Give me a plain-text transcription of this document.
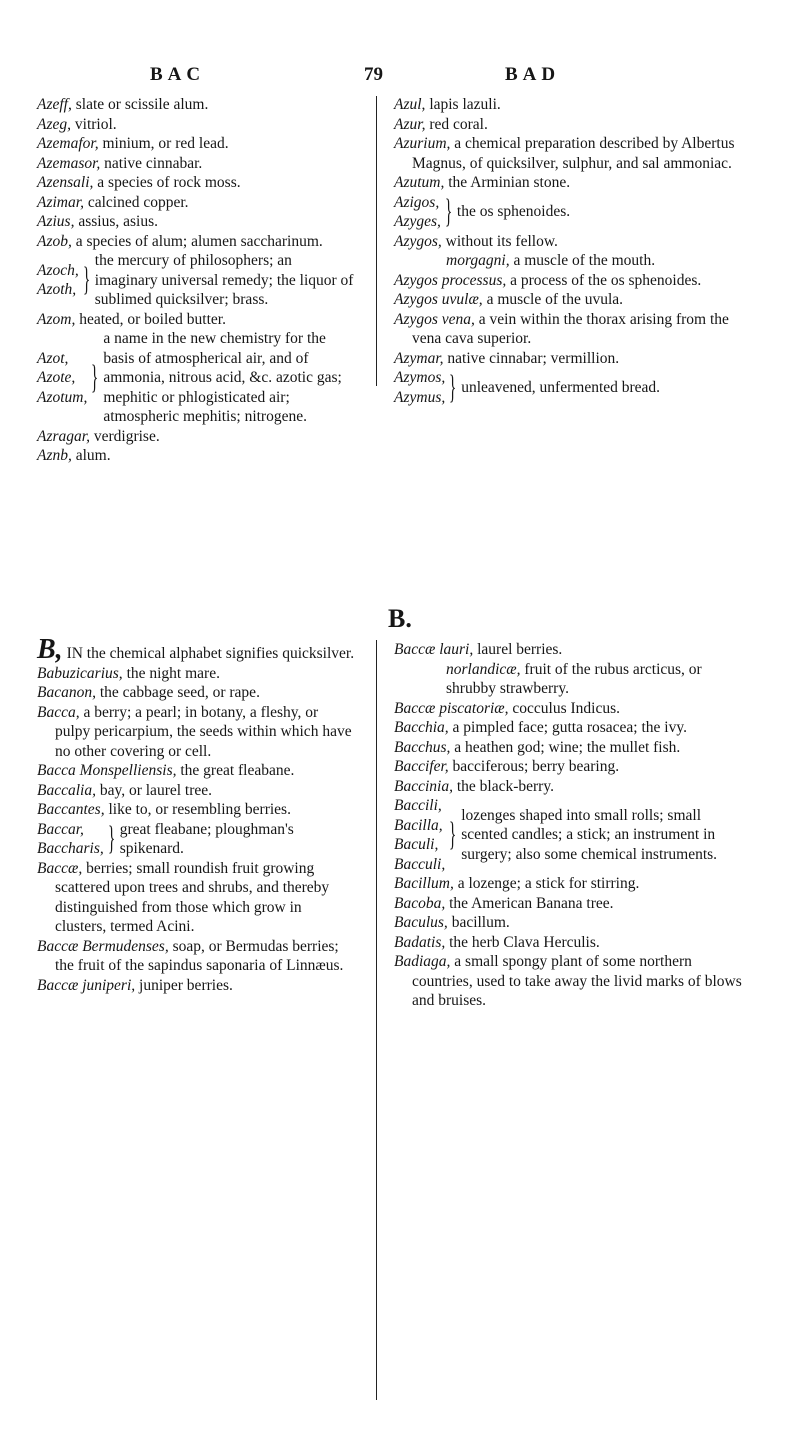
BAC	79	BAD

Azeff, slate or scissile alum.

Azeg, vitriol.

Azemafor, minium, or red lead.

Azemasor, native cinnabar.

Azensali, a species of rock moss.

Azimar, calcined copper.

Azius, assius, asius.

Azob, a species of alum; alumen saccharinum.

Azoch,
Azoth, }
the mercury of philosophers; an imaginary universal remedy; the liquor of sublimed quicksilver; brass.

Azom, heated, or boiled butter.

Azot,
Azote,
Azotum,
}
a name in the new chemistry for the basis of atmospherical air, and of ammonia, nitrous acid, &c. azotic gas; mephitic or phlogisticated air; atmospheric mephitis; nitrogene.

Azragar, verdigrise.

Aznb, alum.

Azul, lapis lazuli.

Azur, red coral.

Azurium, a chemical preparation described by Albertus Magnus, of quicksilver, sulphur, and sal ammoniac.

Azutum, the Arminian stone.

Azigos,
Azyges, } the os sphenoides.

Azygos, without its fellow.

morgagni, a muscle of the mouth.

Azygos processus, a process of the os sphenoides.

Azygos uvulæ, a muscle of the uvula.

Azygos vena, a vein within the thorax arising from the vena cava superior.

Azymar, native cinnabar; vermillion.

Azymos,
Azymus, } unleavened, unfermented bread.
B.

B, IN the chemical alphabet signifies quicksilver.

Babuzicarius, the night mare.

Bacanon, the cabbage seed, or rape.

Bacca, a berry; a pearl; in botany, a fleshy, or pulpy pericarpium, the seeds within which have no other covering or cell.

Bacca Monspelliensis, the great fleabane.

Baccalia, bay, or laurel tree.

Baccantes, like to, or resembling berries.

Baccar,
Baccharis, } great fleabane; ploughman's spikenard.

Baccæ, berries; small roundish fruit growing scattered upon trees and shrubs, and thereby distinguished from those which grow in clusters, termed Acini.

Baccæ Bermudenses, soap, or Bermudas berries; the fruit of the sapindus saponaria of Linnæus.

Baccæ juniperi, juniper berries.

Baccæ lauri, laurel berries.

norlandicæ, fruit of the rubus arcticus, or shrubby strawberry.

Baccæ piscatoriæ, cocculus Indicus.

Bacchia, a pimpled face; gutta rosacea; the ivy.

Bacchus, a heathen god; wine; the mullet fish.

Baccifer, bacciferous; berry bearing.

Baccinia, the black-berry.

Baccili,
Bacilla,
Baculi,
Bacculi,
}
lozenges shaped into small rolls; small scented candles; a stick; an instrument in surgery; also some chemical instruments.

Bacillum, a lozenge; a stick for stirring.

Bacoba, the American Banana tree.

Baculus, bacillum.

Badatis, the herb Clava Herculis.

Badiaga, a small spongy plant of some northern countries, used to take away the livid marks of blows and bruises.
